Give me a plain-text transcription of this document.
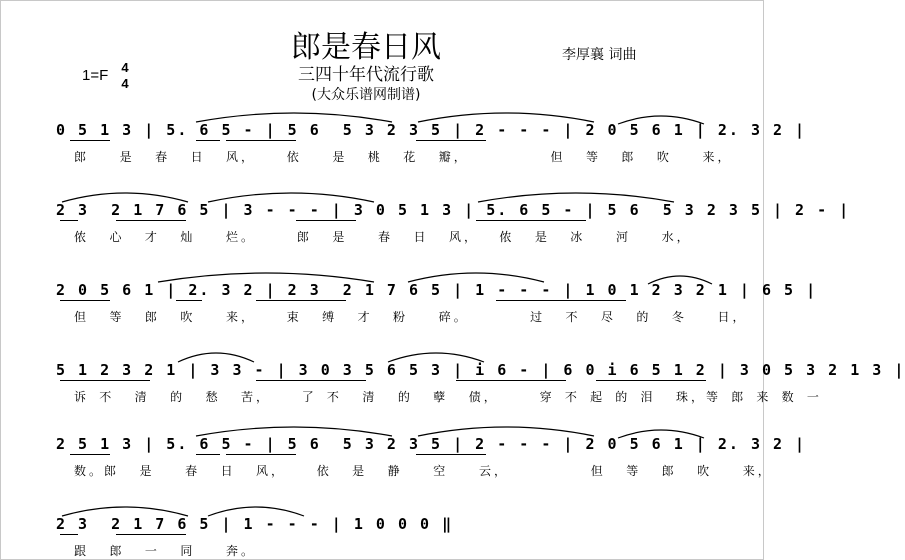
郎是春日风
三四十年代流行歌
(大众乐谱网制谱)
李厚襄 词曲
1=F 4
4
0 5 1 3 | 5. 6 5 - | 5 6  5 3 2 3 5 | 2 - - - | 2 0 5 6 1 | 2. 3 2 |
郎   是  春  日  风，   依   是  桃  花  瓣，        但  等  郎  吹   来，
2 3  2 1 7 6 5 | 3 - - - | 3 0 5 1 3 | 5. 6 5 - | 5 6  5 3 2 3 5 | 2 - |
侬  心  才  灿   烂。    郎  是   春  日  风，  侬  是  冰   河   水，
2 0 5 6 1 | 2. 3 2 | 2 3  2 1 7 6 5 | 1 - - - | 1 0 1 2 3 2 1 | 6 5 |
但  等  郎  吹   来，   束  缚  才  粉   碎。      过  不  尽  的  冬   日，
5 1 2 3 2 1 | 3 3 - | 3 0 3 5 6 5 3 | i 6 - | 6 0 i 6 5 1 2 | 3 0 5 3 2 1 3 |
诉 不  清  的  愁  苦，   了 不  清  的  孽  债，    穿 不 起 的 泪  珠，等 郎 来 数 一
2 5 1 3 | 5. 6 5 - | 5 6  5 3 2 3 5 | 2 - - - | 2 0 5 6 1 | 2. 3 2 |
数。郎  是   春  日  风，   依  是  静   空   云，        但  等  郎  吹   来，
2 3  2 1 7 6 5 | 1 - - - | 1 0 0 0 ‖
跟  郎  一  同   奔。
